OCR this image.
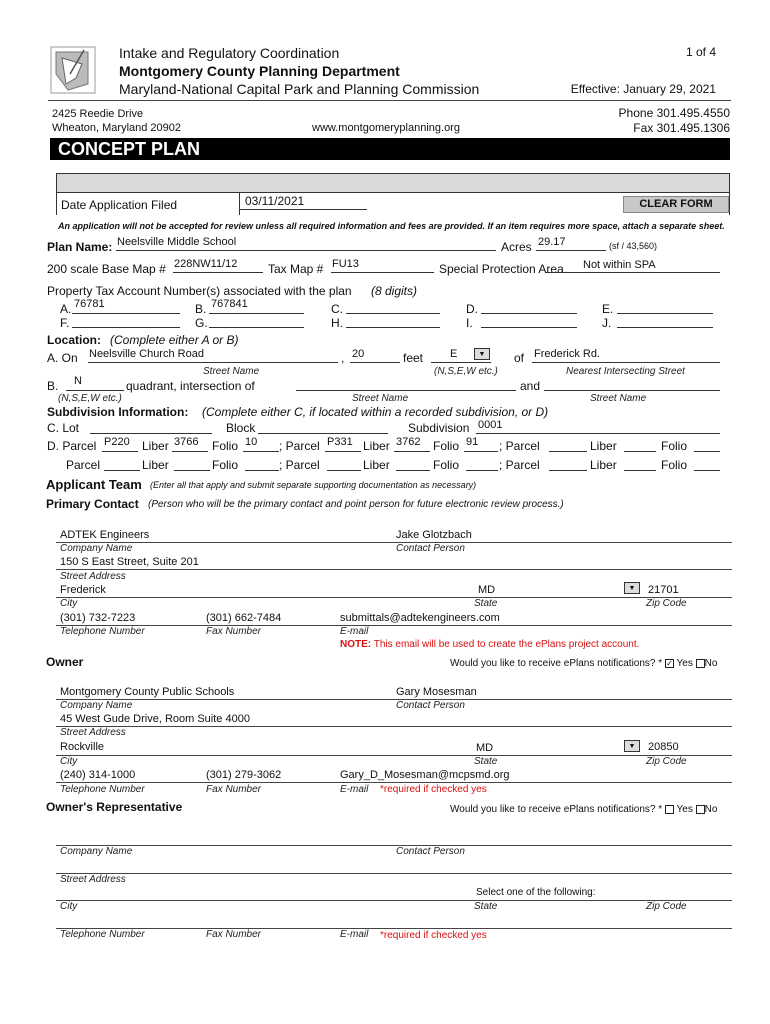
Intake and Regulatory Coordination
Montgomery County Planning Department
Maryland-National Capital Park and Planning Commission
1 of 4
Effective: January 29, 2021
2425 Reedie Drive
Wheaton, Maryland 20902	www.montgomeryplanning.org
Phone 301.495.4550
Fax 301.495.1306
CONCEPT PLAN
Date Application Filed	03/11/2021	CLEAR FORM
An application will not be accepted for review unless all required information and fees are provided. If an item requires more space, attach a separate sheet.
Plan Name: Neelsville Middle School	Acres 29.17	(sf / 43,560)
200 scale Base Map # 228NW11/12	Tax Map # FU13	Special Protection Area Not within SPA
Property Tax Account Number(s) associated with the plan (8 digits)
A. 76781	B. 767841	C.	D.	E.
F.	G.	H.	I.	J.
Location: (Complete either A or B)
A. On Neelsville Church Road	, 20	feet E	▼	of Frederick Rd.
Street Name	(N,S,E,W etc.)	Nearest Intersecting Street
B. N	quadrant, intersection of	and
(N,S,E,W etc.)	Street Name	Street Name
Subdivision Information: (Complete either C, if located within a recorded subdivision, or D)
C. Lot	Block	Subdivision 0001
D. Parcel P220 Liber 3766 Folio 10 ; Parcel P331 Liber 3762 Folio 91 ; Parcel	Liber	Folio
Parcel	Liber	Folio	; Parcel	Liber	Folio	; Parcel	Liber	Folio
Applicant Team (Enter all that apply and submit separate supporting documentation as necessary)
Primary Contact (Person who will be the primary contact and point person for future electronic review process.)
ADTEK Engineers	Jake Glotzbach
Company Name	Contact Person
150 S East Street, Suite 201
Street Address
Frederick	MD	▼	21701
City	State	Zip Code
(301) 732-7223	(301) 662-7484	submittals@adtekengineers.com
Telephone Number	Fax Number	E-mail
NOTE: This email will be used to create the ePlans project account.
Owner	Would you like to receive ePlans notifications? * ✓ Yes No
Montgomery County Public Schools	Gary Mosesman
Company Name	Contact Person
45 West Gude Drive, Room Suite 4000
Street Address
Rockville	MD	▼	20850
City	State	Zip Code
(240) 314-1000	(301) 279-3062	Gary_D_Mosesman@mcpsmd.org
Telephone Number	Fax Number	E-mail *required if checked yes
Owner's Representative	Would you like to receive ePlans notifications? * Yes No
Company Name	Contact Person
Street Address
Select one of the following:
City	State	Zip Code
Telephone Number	Fax Number	E-mail *required if checked yes
